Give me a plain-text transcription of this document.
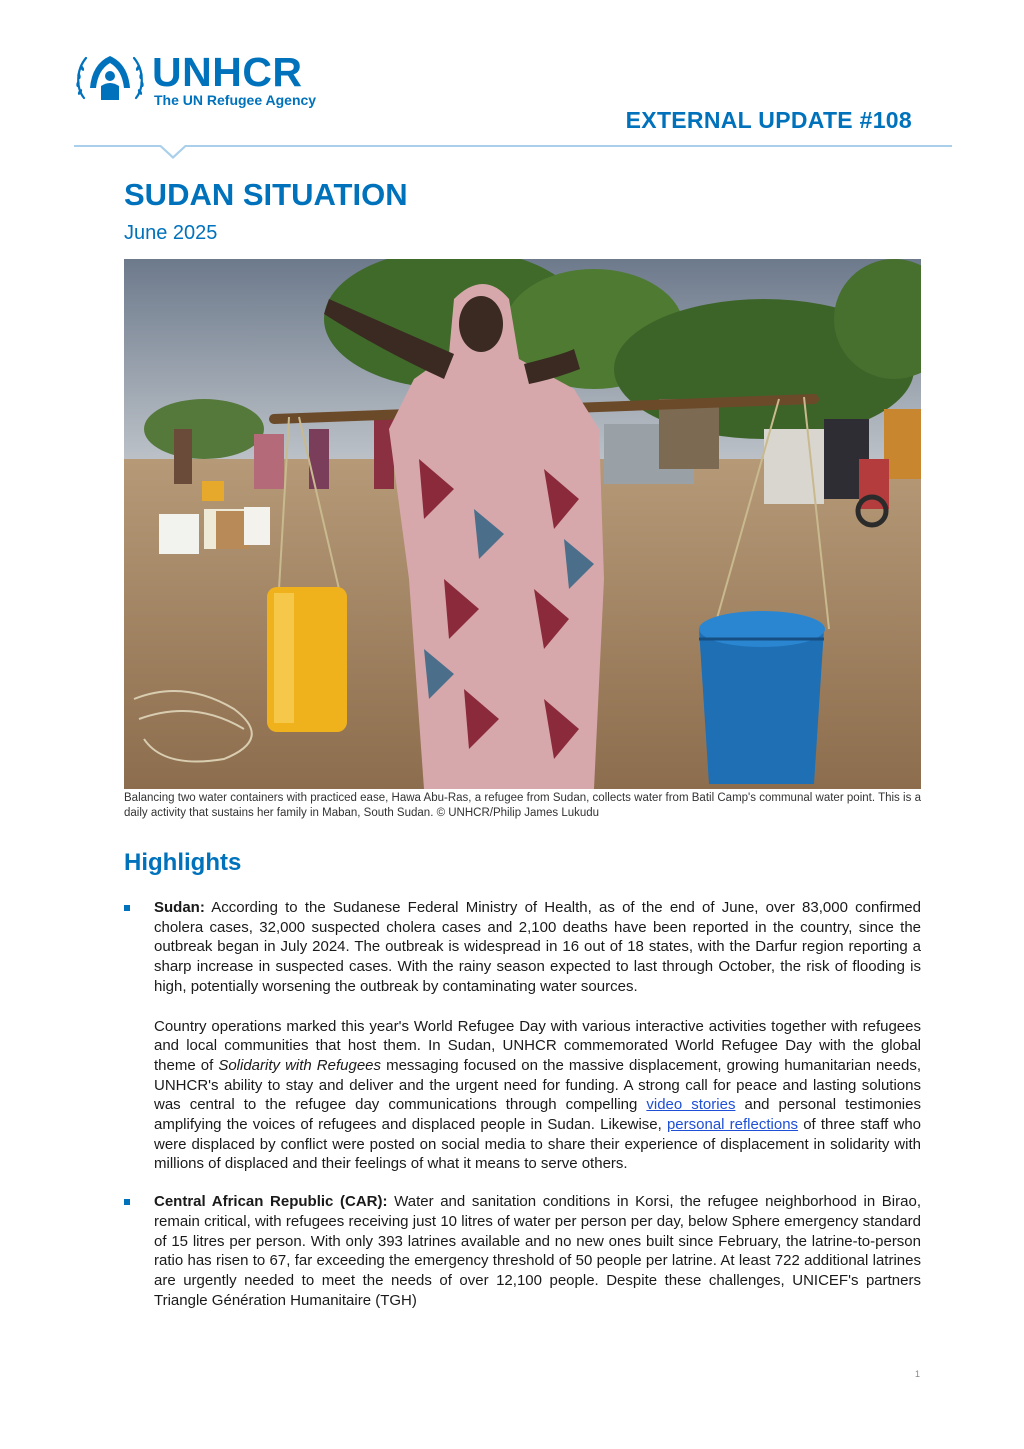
UNHCR
The UN Refugee Agency
EXTERNAL UPDATE #108
SUDAN SITUATION
June 2025

Balancing two water containers with practiced ease, Hawa Abu-Ras, a refugee from Sudan, collects water from Batil Camp's communal water point. This is a daily activity that sustains her family in Maban, South Sudan. © UNHCR/Philip James Lukudu

Highlights

Sudan: According to the Sudanese Federal Ministry of Health, as of the end of June, over 83,000 confirmed cholera cases, 32,000 suspected cholera cases and 2,100 deaths have been reported in the country, since the outbreak began in July 2024. The outbreak is widespread in 16 out of 18 states, with the Darfur region reporting a sharp increase in suspected cases. With the rainy season expected to last through October, the risk of flooding is high, potentially worsening the outbreak by contaminating water sources.

Country operations marked this year's World Refugee Day with various interactive activities together with refugees and local communities that host them. In Sudan, UNHCR commemorated World Refugee Day with the global theme of Solidarity with Refugees messaging focused on the massive displacement, growing humanitarian needs, UNHCR's ability to stay and deliver and the urgent need for funding. A strong call for peace and lasting solutions was central to the refugee day communications through compelling video stories and personal testimonies amplifying the voices of refugees and displaced people in Sudan. Likewise, personal reflections of three staff who were displaced by conflict were posted on social media to share their experience of displacement in solidarity with millions of displaced and their feelings of what it means to serve others.

Central African Republic (CAR): Water and sanitation conditions in Korsi, the refugee neighborhood in Birao, remain critical, with refugees receiving just 10 litres of water per person per day, below Sphere emergency standard of 15 litres per person. With only 393 latrines available and no new ones built since February, the latrine-to-person ratio has risen to 67, far exceeding the emergency threshold of 50 people per latrine. At least 722 additional latrines are urgently needed to meet the needs of over 12,100 people. Despite these challenges, UNICEF's partners Triangle Génération Humanitaire (TGH)

1
